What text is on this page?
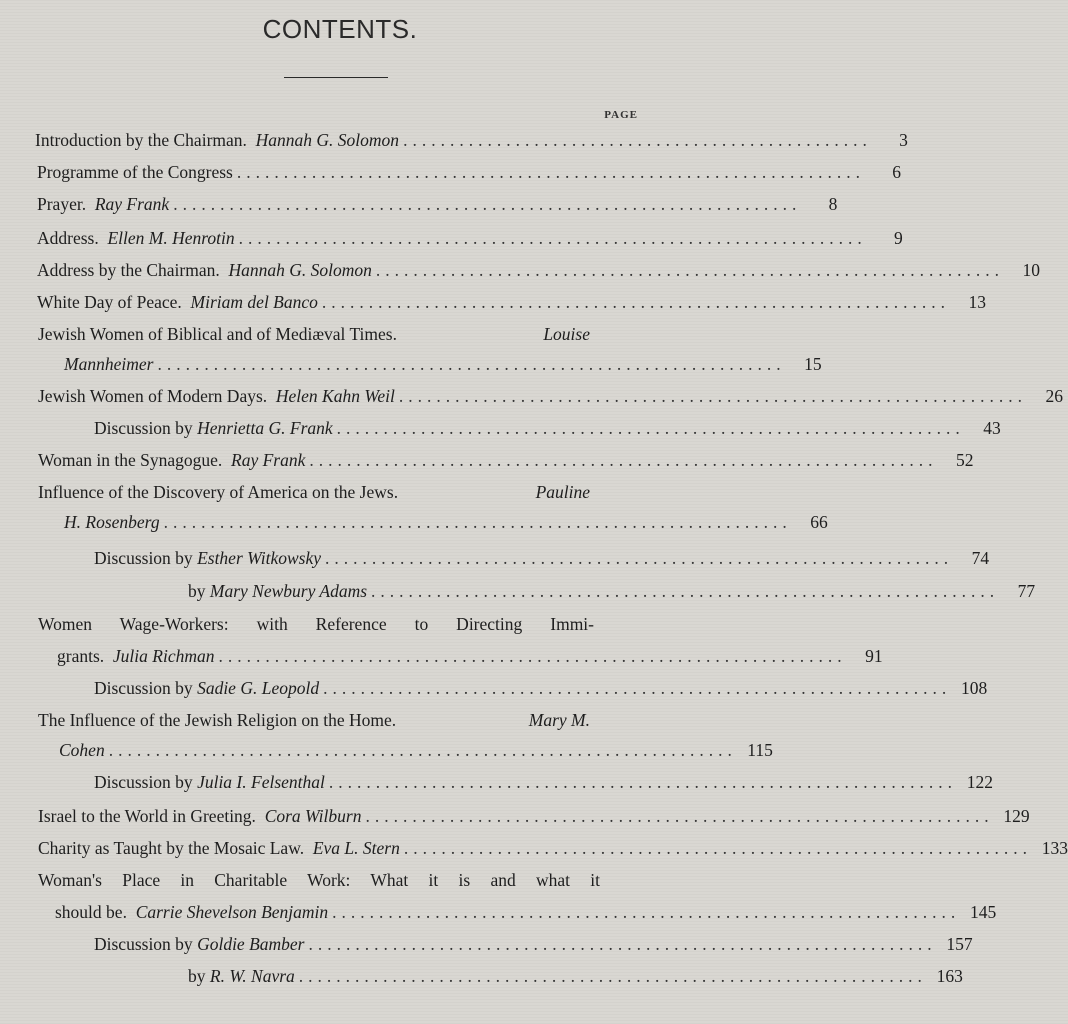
CONTENTS.
PAGE
Introduction by the Chairman.
Hannah G. Solomon ..................................................	3
Programme of the Congress ...................................................................	6
Prayer.
Ray Frank ...................................................................	8
Address.
Ellen M. Henrotin ...................................................................	9
Address by the Chairman.
Hannah G. Solomon ...................................................................	10
White Day of Peace.
Miriam del Banco ...................................................................	13
Jewish Women of Biblical and of Mediæval Times.
	Louise
Mannheimer ...................................................................	15
Jewish Women of Modern Days.
Helen Kahn Weil ...................................................................	26
Discussion by
Henrietta G. Frank ...................................................................	43
Woman in the Synagogue.
Ray Frank ...................................................................	52
Influence of the Discovery of America on the Jews.
	Pauline
H. Rosenberg ...................................................................	66
Discussion by
Esther Witkowsky ...................................................................	74
by
Mary Newbury Adams ...................................................................	77
Women Wage-Workers: with Reference to Directing Immi-
grants.
Julia Richman ...................................................................	91
Discussion by
Sadie G. Leopold ................................................................... 108
The Influence of the Jewish Religion on the Home.
	Mary M.
Cohen ................................................................... 115
Discussion by
Julia I. Felsenthal ................................................................... 122
Israel to the World in Greeting.
Cora Wilburn ................................................................... 129
Charity as Taught by the Mosaic Law.
Eva L. Stern ................................................................... 133
Woman's Place in Charitable Work: What it is and what it
should be.
Carrie Shevelson Benjamin ................................................................... 145
Discussion by
Goldie Bamber ................................................................... 157
by
R. W. Navra ................................................................... 163
